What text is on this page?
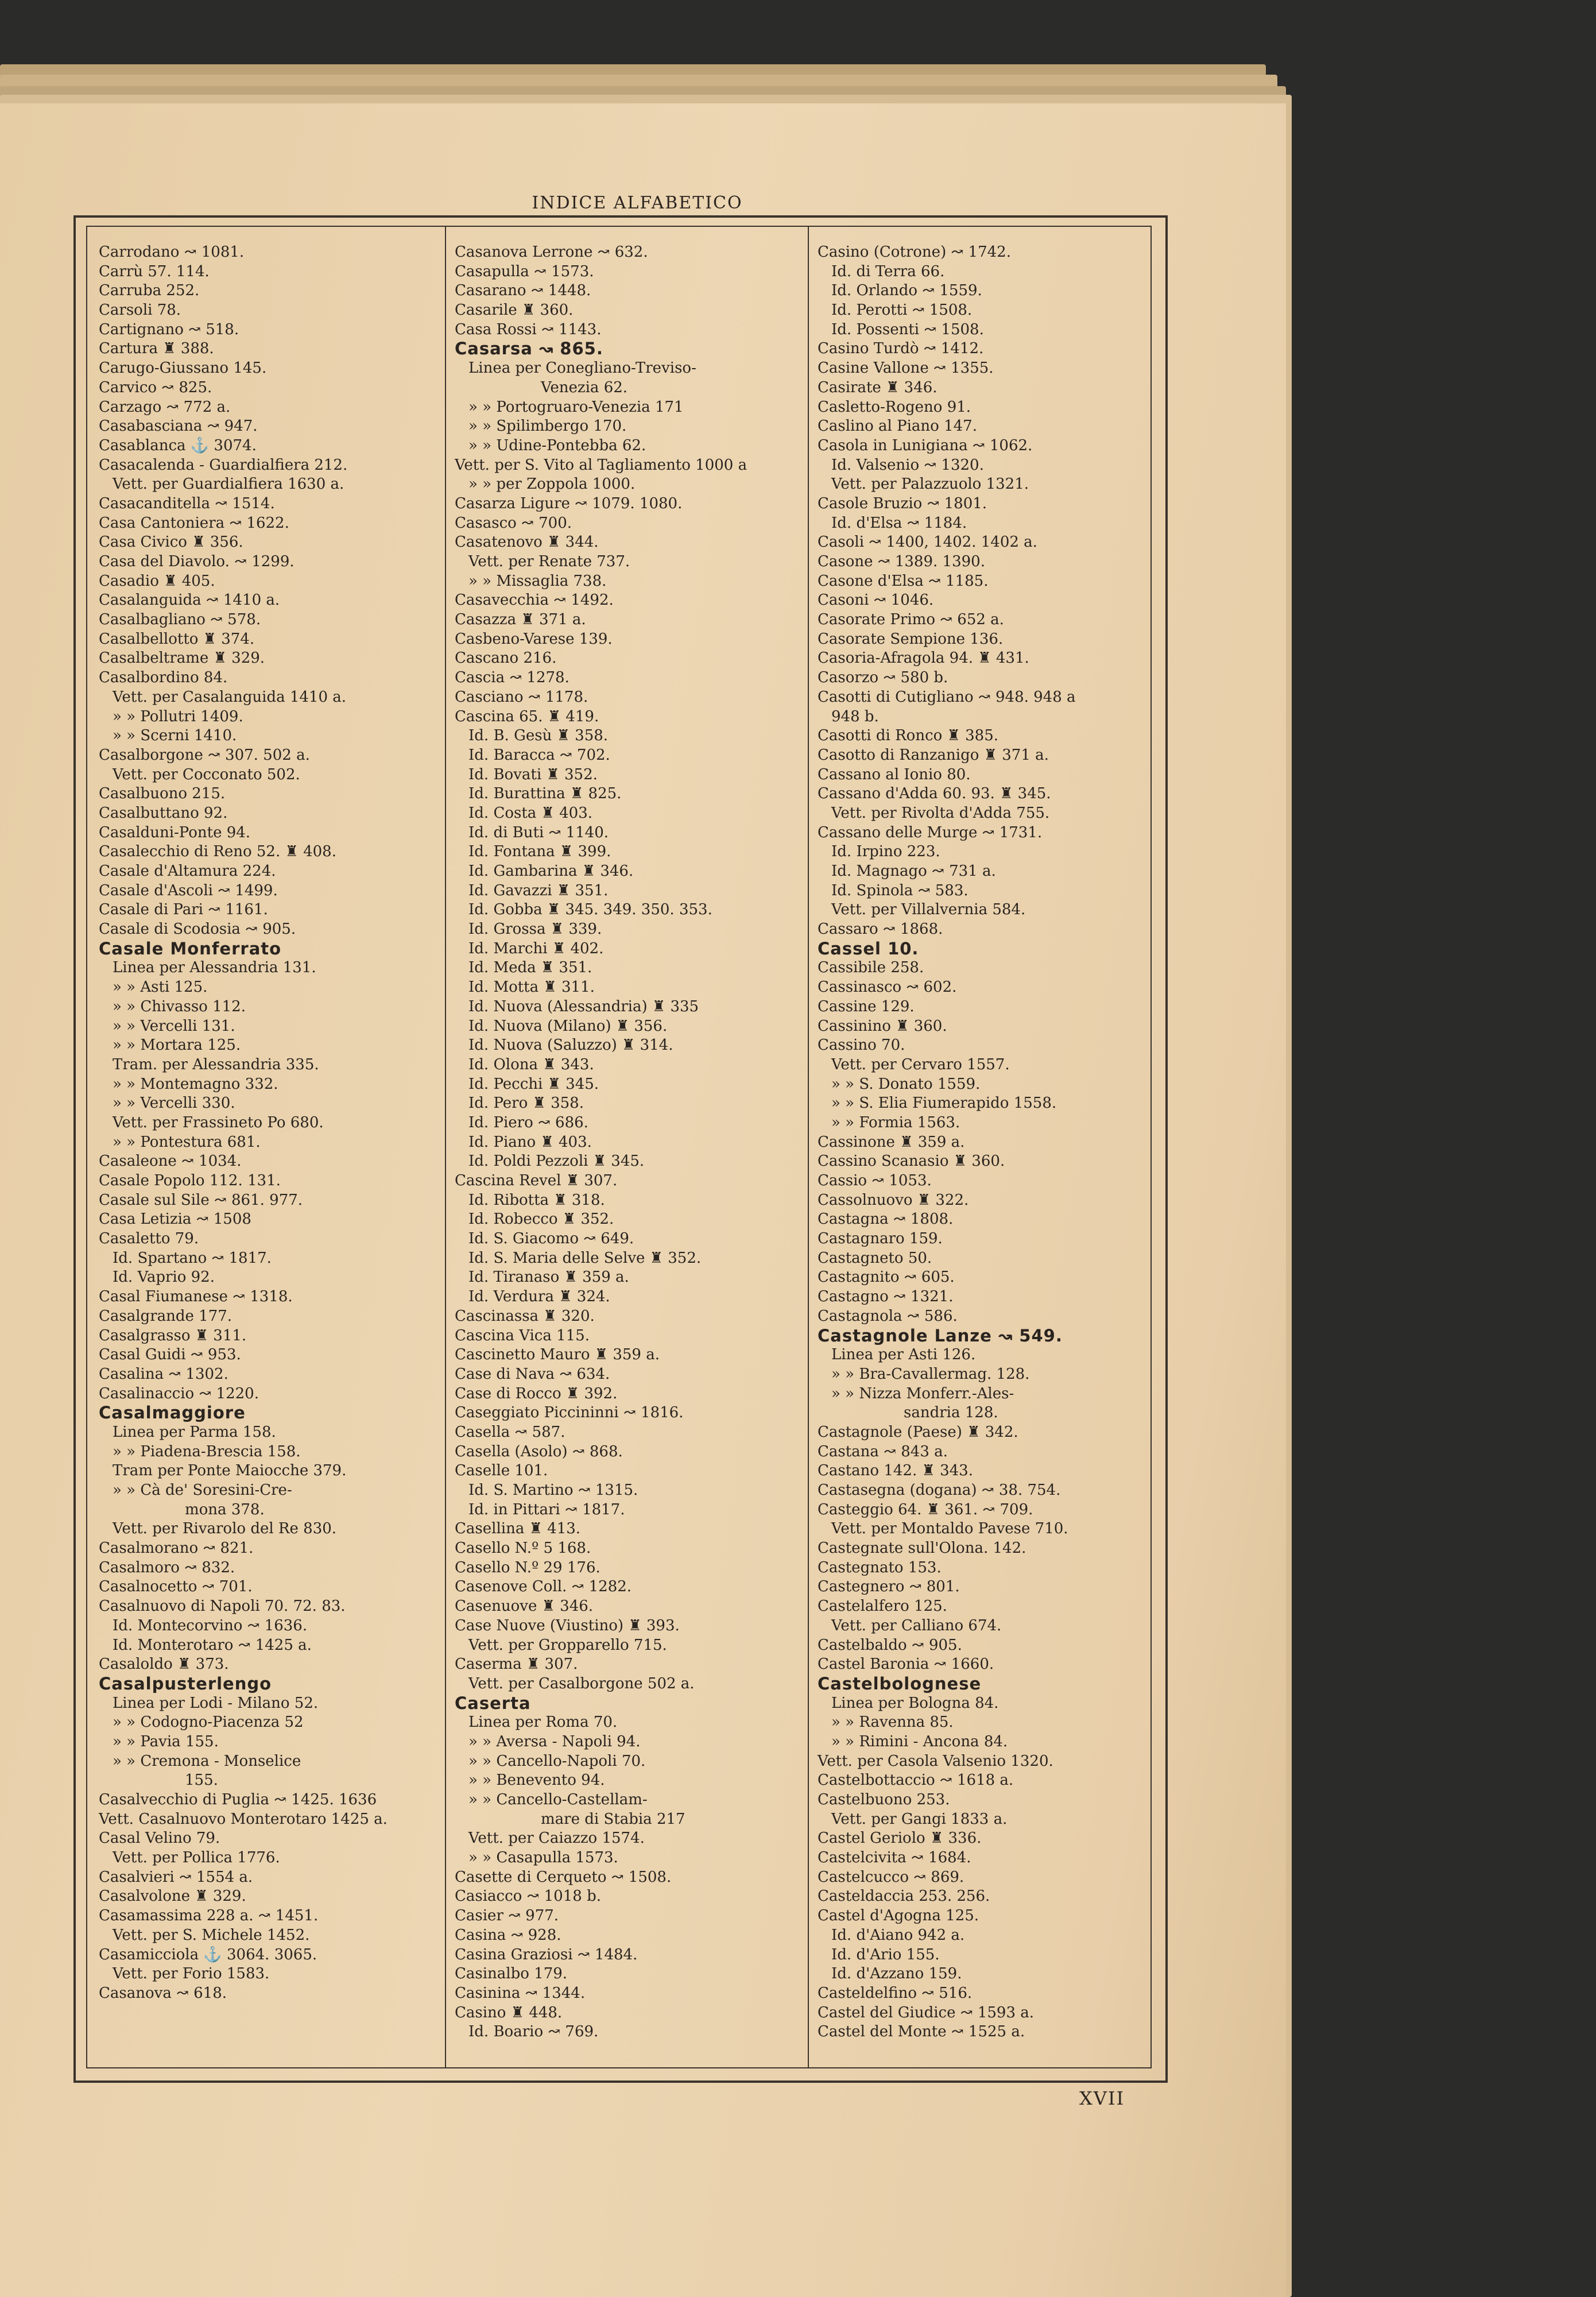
INDICE ALFABETICO
Carrodano ↝ 1081.
Carrù 57. 114.
Carruba 252.
Carsoli 78.
Cartignano ↝ 518.
Cartura ♜ 388.
Carugo-Giussano 145.
Carvico ↝ 825.
Carzago ↝ 772 a.
Casabasciana ↝ 947.
Casablanca ⚓ 3074.
Casacalenda - Guardialfiera 212.
Vett. per Guardialfiera 1630 a.
Casacanditella ↝ 1514.
Casa Cantoniera ↝ 1622.
Casa Civico ♜ 356.
Casa del Diavolo. ↝ 1299.
Casadio ♜ 405.
Casalanguida ↝ 1410 a.
Casalbagliano ↝ 578.
Casalbellotto ♜ 374.
Casalbeltrame ♜ 329.
Casalbordino 84.
Vett. per Casalanguida 1410 a.
» » Pollutri 1409.
» » Scerni 1410.
Casalborgone ↝ 307. 502 a.
Vett. per Cocconato 502.
Casalbuono 215.
Casalbuttano 92.
Casalduni-Ponte 94.
Casalecchio di Reno 52. ♜ 408.
Casale d'Altamura 224.
Casale d'Ascoli ↝ 1499.
Casale di Pari ↝ 1161.
Casale di Scodosia ↝ 905.
Casale Monferrato
Linea per Alessandria 131.
» » Asti 125.
» » Chivasso 112.
» » Vercelli 131.
» » Mortara 125.
Tram. per Alessandria 335.
» » Montemagno 332.
» » Vercelli 330.
Vett. per Frassineto Po 680.
» » Pontestura 681.
Casaleone ↝ 1034.
Casale Popolo 112. 131.
Casale sul Sile ↝ 861. 977.
Casa Letizia ↝ 1508
Casaletto 79.
Id. Spartano ↝ 1817.
Id. Vaprio 92.
Casal Fiumanese ↝ 1318.
Casalgrande 177.
Casalgrasso ♜ 311.
Casal Guidi ↝ 953.
Casalina ↝ 1302.
Casalinaccio ↝ 1220.
Casalmaggiore
Linea per Parma 158.
» » Piadena-Brescia 158.
Tram per Ponte Maiocche 379.
» » Cà de' Soresini-Cre-
mona 378.
Vett. per Rivarolo del Re 830.
Casalmorano ↝ 821.
Casalmoro ↝ 832.
Casalnocetto ↝ 701.
Casalnuovo di Napoli 70. 72. 83.
Id. Montecorvino ↝ 1636.
Id. Monterotaro ↝ 1425 a.
Casaloldo ♜ 373.
Casalpusterlengo
Linea per Lodi - Milano 52.
» » Codogno-Piacenza 52
» » Pavia 155.
» » Cremona - Monselice
155.
Casalvecchio di Puglia ↝ 1425. 1636
Vett. Casalnuovo Monterotaro 1425 a.
Casal Velino 79.
Vett. per Pollica 1776.
Casalvieri ↝ 1554 a.
Casalvolone ♜ 329.
Casamassima 228 a. ↝ 1451.
Vett. per S. Michele 1452.
Casamicciola ⚓ 3064. 3065.
Vett. per Forio 1583.
Casanova ↝ 618.
Casanova Lerrone ↝ 632.
Casapulla ↝ 1573.
Casarano ↝ 1448.
Casarile ♜ 360.
Casa Rossi ↝ 1143.
Casarsa ↝ 865.
Linea per Conegliano-Treviso-
Venezia 62.
» » Portogruaro-Venezia 171
» » Spilimbergo 170.
» » Udine-Pontebba 62.
Vett. per S. Vito al Tagliamento 1000 a
» » per Zoppola 1000.
Casarza Ligure ↝ 1079. 1080.
Casasco ↝ 700.
Casatenovo ♜ 344.
Vett. per Renate 737.
» » Missaglia 738.
Casavecchia ↝ 1492.
Casazza ♜ 371 a.
Casbeno-Varese 139.
Cascano 216.
Cascia ↝ 1278.
Casciano ↝ 1178.
Cascina 65. ♜ 419.
Id. B. Gesù ♜ 358.
Id. Baracca ↝ 702.
Id. Bovati ♜ 352.
Id. Burattina ♜ 825.
Id. Costa ♜ 403.
Id. di Buti ↝ 1140.
Id. Fontana ♜ 399.
Id. Gambarina ♜ 346.
Id. Gavazzi ♜ 351.
Id. Gobba ♜ 345. 349. 350. 353.
Id. Grossa ♜ 339.
Id. Marchi ♜ 402.
Id. Meda ♜ 351.
Id. Motta ♜ 311.
Id. Nuova (Alessandria) ♜ 335
Id. Nuova (Milano) ♜ 356.
Id. Nuova (Saluzzo) ♜ 314.
Id. Olona ♜ 343.
Id. Pecchi ♜ 345.
Id. Pero ♜ 358.
Id. Piero ↝ 686.
Id. Piano ♜ 403.
Id. Poldi Pezzoli ♜ 345.
Cascina Revel ♜ 307.
Id. Ribotta ♜ 318.
Id. Robecco ♜ 352.
Id. S. Giacomo ↝ 649.
Id. S. Maria delle Selve ♜ 352.
Id. Tiranaso ♜ 359 a.
Id. Verdura ♜ 324.
Cascinassa ♜ 320.
Cascina Vica 115.
Cascinetto Mauro ♜ 359 a.
Case di Nava ↝ 634.
Case di Rocco ♜ 392.
Caseggiato Piccininni ↝ 1816.
Casella ↝ 587.
Casella (Asolo) ↝ 868.
Caselle 101.
Id. S. Martino ↝ 1315.
Id. in Pittari ↝ 1817.
Casellina ♜ 413.
Casello N.º 5 168.
Casello N.º 29 176.
Casenove Coll. ↝ 1282.
Casenuove ♜ 346.
Case Nuove (Viustino) ♜ 393.
Vett. per Gropparello 715.
Caserma ♜ 307.
Vett. per Casalborgone 502 a.
Caserta
Linea per Roma 70.
» » Aversa - Napoli 94.
» » Cancello-Napoli 70.
» » Benevento 94.
» » Cancello-Castellam-
mare di Stabia 217
Vett. per Caiazzo 1574.
» » Casapulla 1573.
Casette di Cerqueto ↝ 1508.
Casiacco ↝ 1018 b.
Casier ↝ 977.
Casina ↝ 928.
Casina Graziosi ↝ 1484.
Casinalbo 179.
Casinina ↝ 1344.
Casino ♜ 448.
Id. Boario ↝ 769.
Casino (Cotrone) ↝ 1742.
Id. di Terra 66.
Id. Orlando ↝ 1559.
Id. Perotti ↝ 1508.
Id. Possenti ↝ 1508.
Casino Turdò ↝ 1412.
Casine Vallone ↝ 1355.
Casirate ♜ 346.
Casletto-Rogeno 91.
Caslino al Piano 147.
Casola in Lunigiana ↝ 1062.
Id. Valsenio ↝ 1320.
Vett. per Palazzuolo 1321.
Casole Bruzio ↝ 1801.
Id. d'Elsa ↝ 1184.
Casoli ↝ 1400, 1402. 1402 a.
Casone ↝ 1389. 1390.
Casone d'Elsa ↝ 1185.
Casoni ↝ 1046.
Casorate Primo ↝ 652 a.
Casorate Sempione 136.
Casoria-Afragola 94. ♜ 431.
Casorzo ↝ 580 b.
Casotti di Cutigliano ↝ 948. 948 a
948 b.
Casotti di Ronco ♜ 385.
Casotto di Ranzanigo ♜ 371 a.
Cassano al Ionio 80.
Cassano d'Adda 60. 93. ♜ 345.
Vett. per Rivolta d'Adda 755.
Cassano delle Murge ↝ 1731.
Id. Irpino 223.
Id. Magnago ↝ 731 a.
Id. Spinola ↝ 583.
Vett. per Villalvernia 584.
Cassaro ↝ 1868.
Cassel 10.
Cassibile 258.
Cassinasco ↝ 602.
Cassine 129.
Cassinino ♜ 360.
Cassino 70.
Vett. per Cervaro 1557.
» » S. Donato 1559.
» » S. Elia Fiumerapido 1558.
» » Formia 1563.
Cassinone ♜ 359 a.
Cassino Scanasio ♜ 360.
Cassio ↝ 1053.
Cassolnuovo ♜ 322.
Castagna ↝ 1808.
Castagnaro 159.
Castagneto 50.
Castagnito ↝ 605.
Castagno ↝ 1321.
Castagnola ↝ 586.
Castagnole Lanze ↝ 549.
Linea per Asti 126.
» » Bra-Cavallermag. 128.
» » Nizza Monferr.-Ales-
sandria 128.
Castagnole (Paese) ♜ 342.
Castana ↝ 843 a.
Castano 142. ♜ 343.
Castasegna (dogana) ↝ 38. 754.
Casteggio 64. ♜ 361. ↝ 709.
Vett. per Montaldo Pavese 710.
Castegnate sull'Olona. 142.
Castegnato 153.
Castegnero ↝ 801.
Castelalfero 125.
Vett. per Calliano 674.
Castelbaldo ↝ 905.
Castel Baronia ↝ 1660.
Castelbolognese
Linea per Bologna 84.
» » Ravenna 85.
» » Rimini - Ancona 84.
Vett. per Casola Valsenio 1320.
Castelbottaccio ↝ 1618 a.
Castelbuono 253.
Vett. per Gangi 1833 a.
Castel Geriolo ♜ 336.
Castelcivita ↝ 1684.
Castelcucco ↝ 869.
Casteldaccia 253. 256.
Castel d'Agogna 125.
Id. d'Aiano 942 a.
Id. d'Ario 155.
Id. d'Azzano 159.
Casteldelfino ↝ 516.
Castel del Giudice ↝ 1593 a.
Castel del Monte ↝ 1525 a.
XVII
